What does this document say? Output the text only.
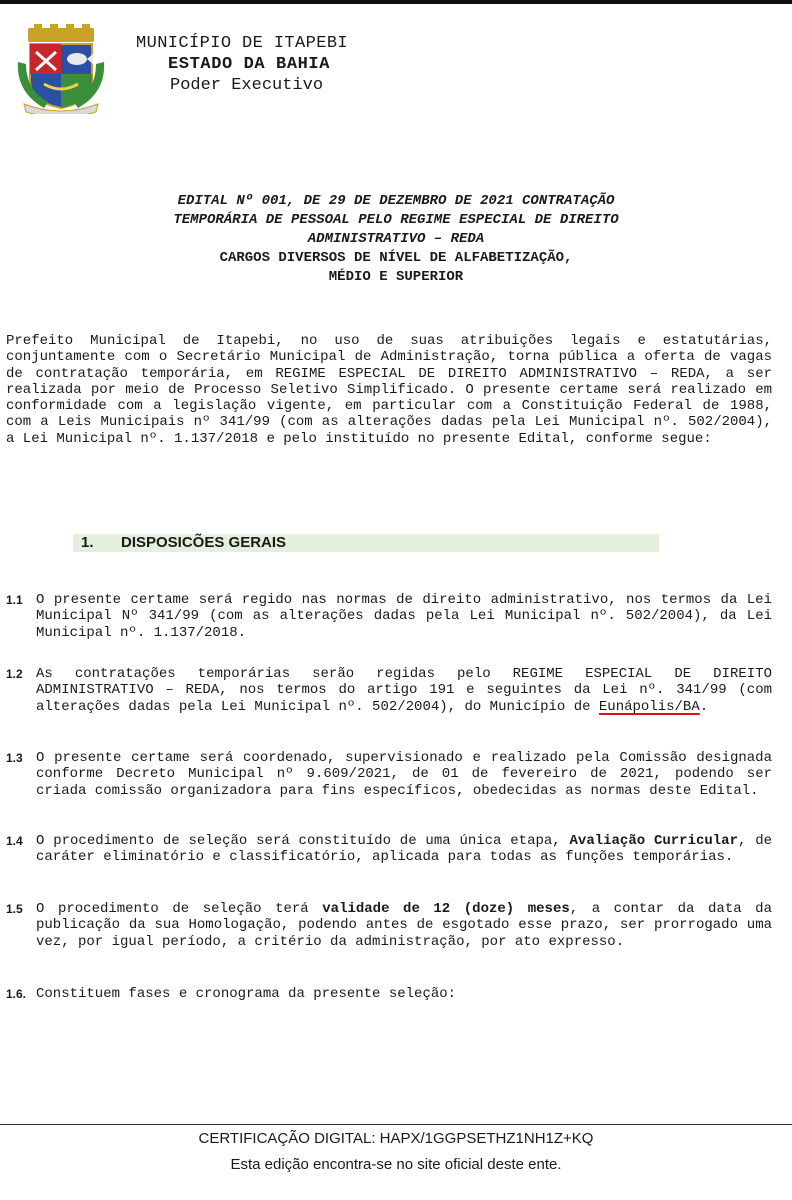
MUNICÍPIO DE ITAPEBI
ESTADO DA BAHIA
Poder Executivo
EDITAL Nº 001, DE 29 DE DEZEMBRO DE 2021 CONTRATAÇÃO
TEMPORÁRIA DE PESSOAL PELO REGIME ESPECIAL DE DIREITO
ADMINISTRATIVO – REDA
CARGOS DIVERSOS DE NÍVEL DE ALFABETIZAÇÃO,
MÉDIO E SUPERIOR
Prefeito Municipal de Itapebi, no uso de suas atribuições legais e estatutárias, conjuntamente com o Secretário Municipal de Administração, torna pública a oferta de vagas de contratação temporária, em REGIME ESPECIAL DE DIREITO ADMINISTRATIVO – REDA, a ser realizada por meio de Processo Seletivo Simplificado. O presente certame será realizado em conformidade com a legislação vigente, em particular com a Constituição Federal de 1988, com a Leis Municipais nº 341/99 (com as alterações dadas pela Lei Municipal nº. 502/2004), a Lei Municipal nº. 1.137/2018 e pelo instituído no presente Edital, conforme segue:
1. DISPOSICÕES GERAIS
1.1 O presente certame será regido nas normas de direito administrativo, nos termos da Lei Municipal Nº 341/99 (com as alterações dadas pela Lei Municipal nº. 502/2004), da Lei Municipal nº. 1.137/2018.
1.2 As contratações temporárias serão regidas pelo REGIME ESPECIAL DE DIREITO ADMINISTRATIVO – REDA, nos termos do artigo 191 e seguintes da Lei nº. 341/99 (com alterações dadas pela Lei Municipal nº. 502/2004), do Município de Eunápolis/BA.
1.3 O presente certame será coordenado, supervisionado e realizado pela Comissão designada conforme Decreto Municipal nº 9.609/2021, de 01 de fevereiro de 2021, podendo ser criada comissão organizadora para fins específicos, obedecidas as normas deste Edital.
1.4 O procedimento de seleção será constituído de uma única etapa, Avaliação Curricular, de caráter eliminatório e classificatório, aplicada para todas as funções temporárias.
1.5 O procedimento de seleção terá validade de 12 (doze) meses, a contar da data da publicação da sua Homologação, podendo antes de esgotado esse prazo, ser prorrogado uma vez, por igual período, a critério da administração, por ato expresso.
1.6. Constituem fases e cronograma da presente seleção:
CERTIFICAÇÃO DIGITAL: HAPX/1GGPSETHZ1NH1Z+KQ
Esta edição encontra-se no site oficial deste ente.
